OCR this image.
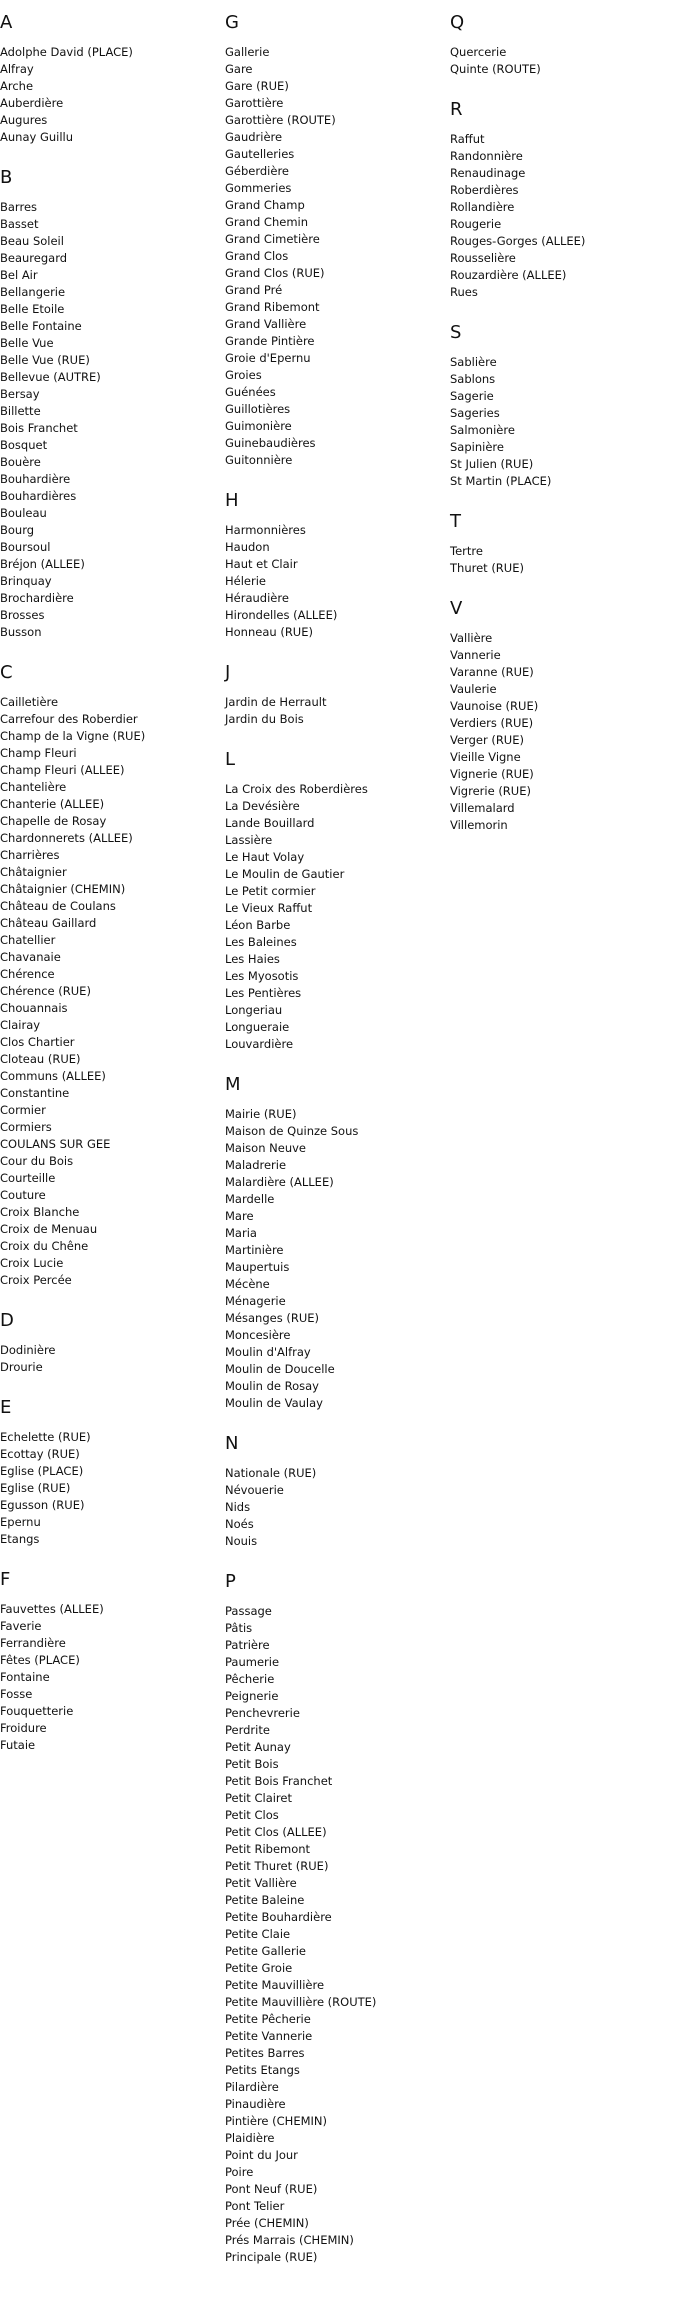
A
Adolphe David (PLACE)
Alfray
Arche
Auberdière
Augures
Aunay Guillu
B
Barres
Basset
Beau Soleil
Beauregard
Bel Air
Bellangerie
Belle Etoile
Belle Fontaine
Belle Vue
Belle Vue (RUE)
Bellevue (AUTRE)
Bersay
Billette
Bois Franchet
Bosquet
Bouère
Bouhardière
Bouhardières
Bouleau
Bourg
Boursoul
Bréjon (ALLEE)
Brinquay
Brochardière
Brosses
Busson
C
Cailletière
Carrefour des Roberdier
Champ de la Vigne (RUE)
Champ Fleuri
Champ Fleuri (ALLEE)
Chantelière
Chanterie (ALLEE)
Chapelle de Rosay
Chardonnerets (ALLEE)
Charrières
Châtaignier
Châtaignier (CHEMIN)
Château de Coulans
Château Gaillard
Chatellier
Chavanaie
Chérence
Chérence (RUE)
Chouannais
Clairay
Clos Chartier
Cloteau (RUE)
Communs (ALLEE)
Constantine
Cormier
Cormiers
COULANS SUR GEE
Cour du Bois
Courteille
Couture
Croix Blanche
Croix de Menuau
Croix du Chêne
Croix Lucie
Croix Percée
D
Dodinière
Drourie
E
Echelette (RUE)
Ecottay (RUE)
Eglise (PLACE)
Eglise (RUE)
Egusson (RUE)
Epernu
Etangs
F
Fauvettes (ALLEE)
Faverie
Ferrandière
Fêtes (PLACE)
Fontaine
Fosse
Fouquetterie
Froidure
Futaie
G
Gallerie
Gare
Gare (RUE)
Garottière
Garottière (ROUTE)
Gaudrière
Gautelleries
Géberdière
Gommeries
Grand Champ
Grand Chemin
Grand Cimetière
Grand Clos
Grand Clos (RUE)
Grand Pré
Grand Ribemont
Grand Vallière
Grande Pintière
Groie d'Epernu
Groies
Guénées
Guillotières
Guimonière
Guinebaudières
Guitonnière
H
Harmonnières
Haudon
Haut et Clair
Hélerie
Héraudière
Hirondelles (ALLEE)
Honneau (RUE)
J
Jardin de Herrault
Jardin du Bois
L
La Croix des Roberdières
La Devésière
Lande Bouillard
Lassière
Le Haut Volay
Le Moulin de Gautier
Le Petit cormier
Le Vieux Raffut
Léon Barbe
Les Baleines
Les Haies
Les Myosotis
Les Pentières
Longeriau
Longueraie
Louvardière
M
Mairie (RUE)
Maison de Quinze Sous
Maison Neuve
Maladrerie
Malardière (ALLEE)
Mardelle
Mare
Maria
Martinière
Maupertuis
Mécène
Ménagerie
Mésanges (RUE)
Moncesière
Moulin d'Alfray
Moulin de Doucelle
Moulin de Rosay
Moulin de Vaulay
N
Nationale (RUE)
Névouerie
Nids
Noés
Nouis
P
Passage
Pâtis
Patrière
Paumerie
Pêcherie
Peignerie
Penchevrerie
Perdrite
Petit Aunay
Petit Bois
Petit Bois Franchet
Petit Clairet
Petit Clos
Petit Clos (ALLEE)
Petit Ribemont
Petit Thuret (RUE)
Petit Vallière
Petite Baleine
Petite Bouhardière
Petite Claie
Petite Gallerie
Petite Groie
Petite Mauvillière
Petite Mauvillière (ROUTE)
Petite Pêcherie
Petite Vannerie
Petites Barres
Petits Etangs
Pilardière
Pinaudière
Pintière (CHEMIN)
Plaidière
Point du Jour
Poire
Pont Neuf (RUE)
Pont Telier
Prée (CHEMIN)
Prés Marrais (CHEMIN)
Principale (RUE)
Q
Quercerie
Quinte (ROUTE)
R
Raffut
Randonnière
Renaudinage
Roberdières
Rollandière
Rougerie
Rouges-Gorges (ALLEE)
Rousselière
Rouzardière (ALLEE)
Rues
S
Sablière
Sablons
Sagerie
Sageries
Salmonière
Sapinière
St Julien (RUE)
St Martin (PLACE)
T
Tertre
Thuret (RUE)
V
Vallière
Vannerie
Varanne (RUE)
Vaulerie
Vaunoise (RUE)
Verdiers (RUE)
Verger (RUE)
Vieille Vigne
Vignerie (RUE)
Vigrerie (RUE)
Villemalard
Villemorin
